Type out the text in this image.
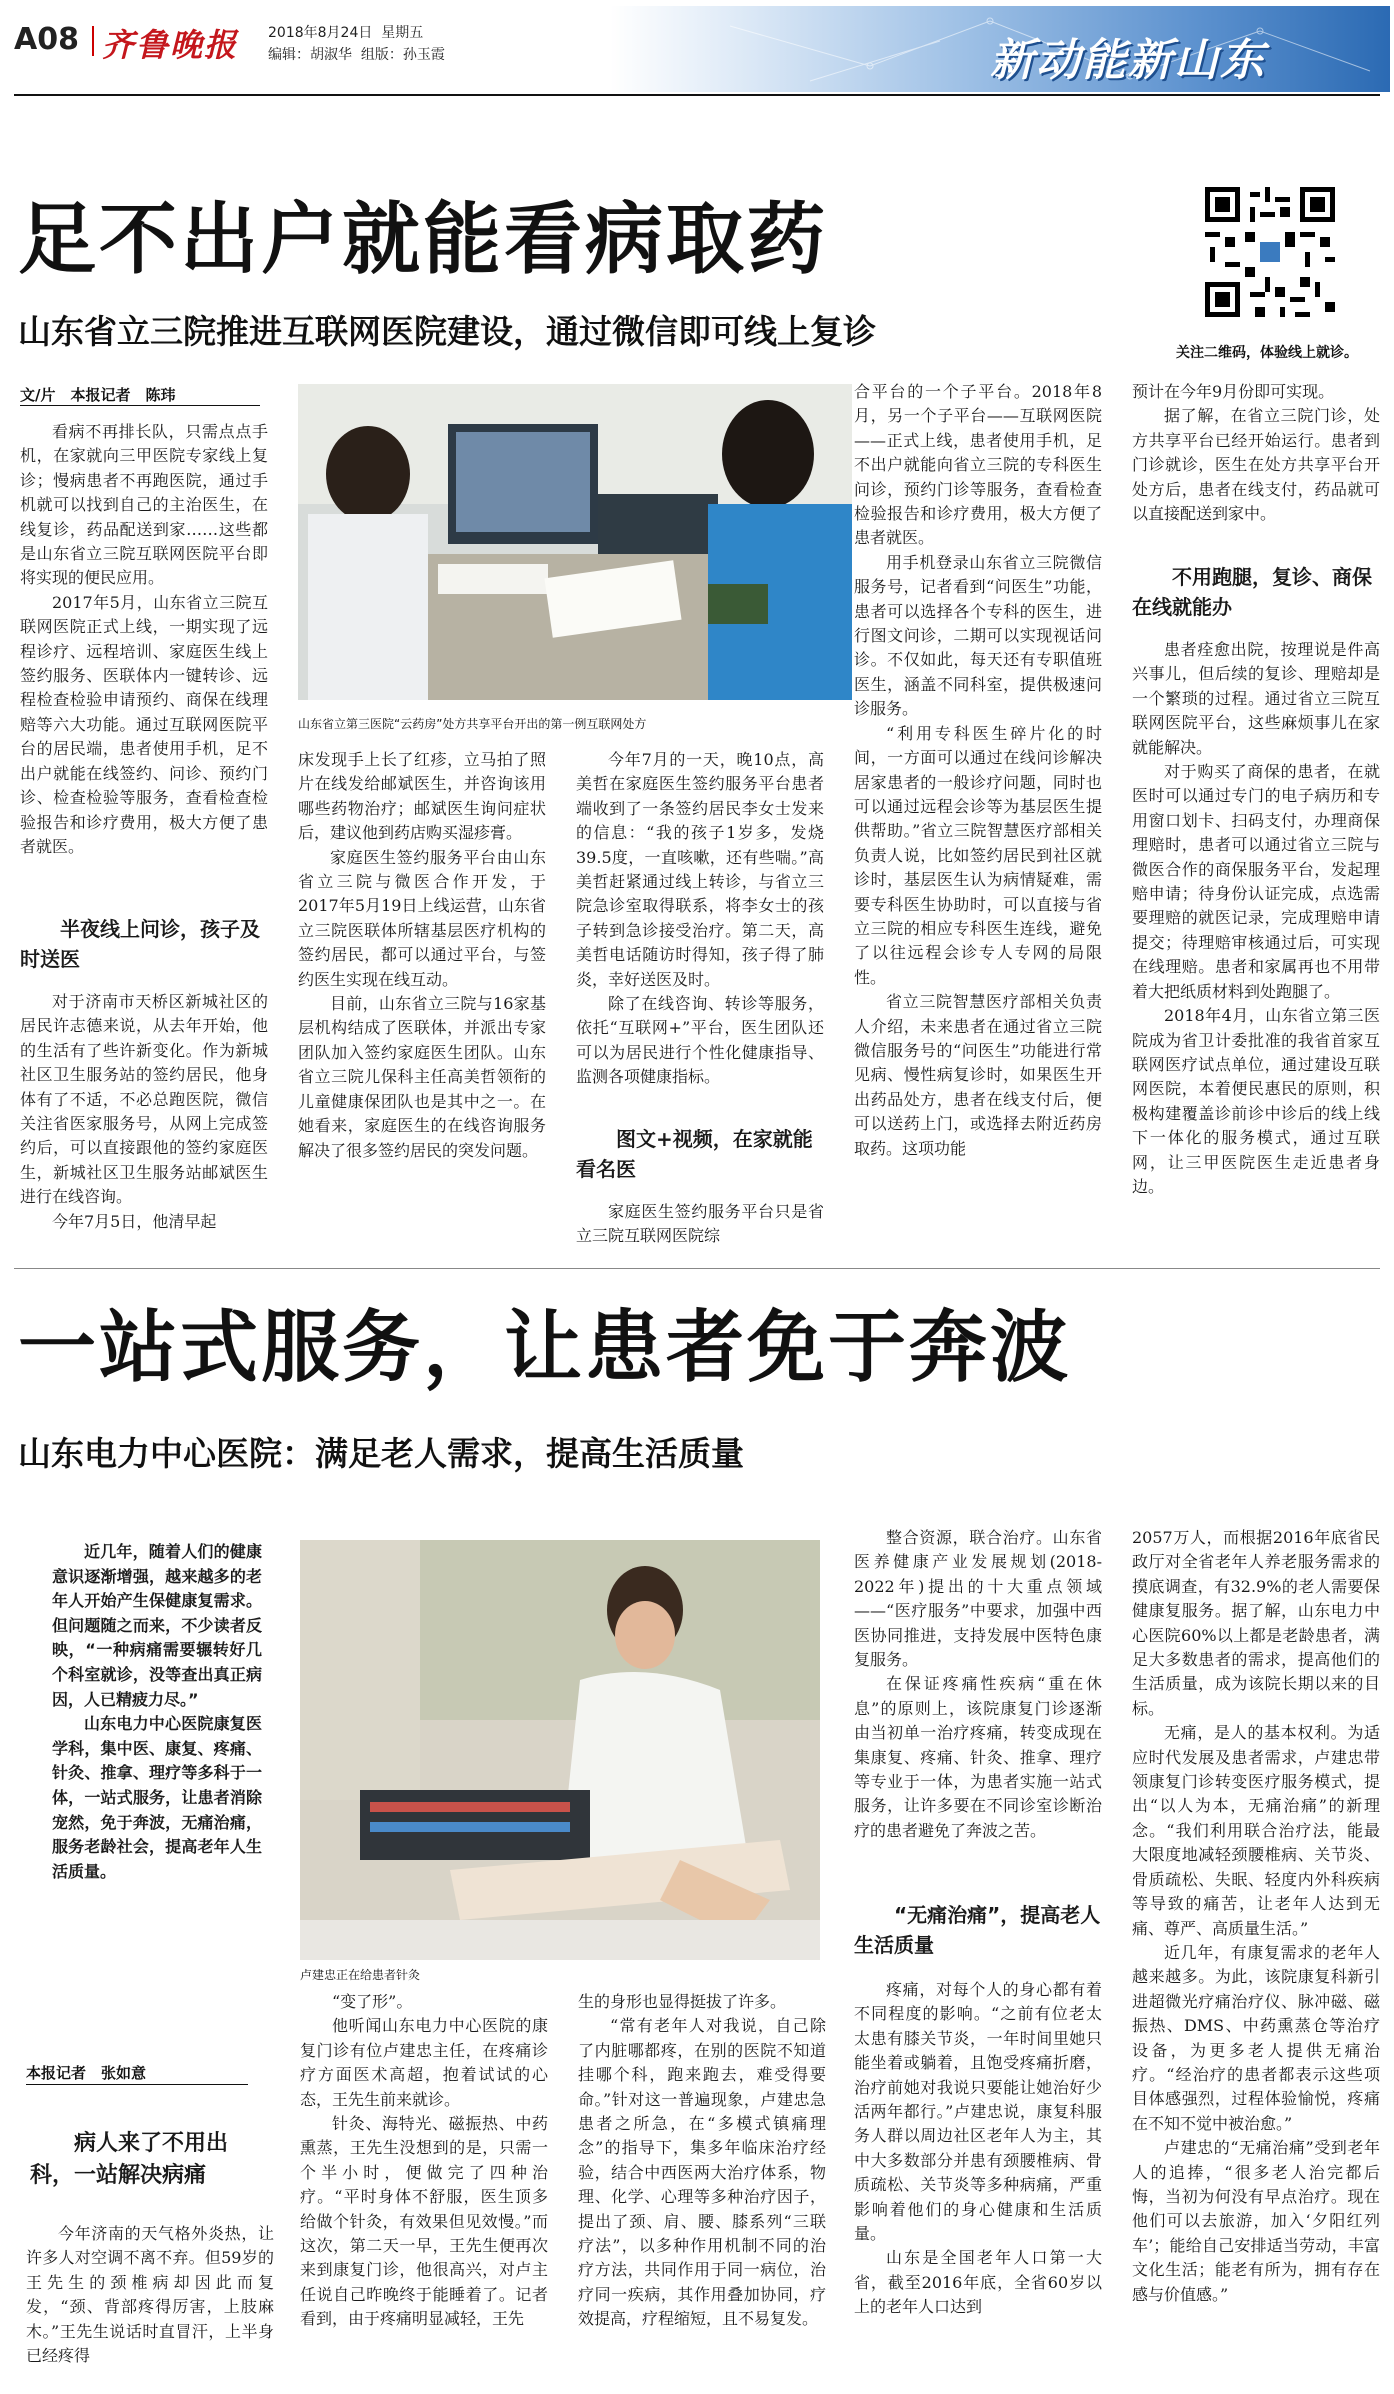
A08 齐鲁晚报 2018年8月24日 星期五
编辑：胡淑华 组版：孙玉霞	新动能新山东
足不出户就能看病取药
山东省立三院推进互联网医院建设，通过微信即可线上复诊
关注二维码，体验线上就诊。
文/片　本报记者　陈玮
山东省立第三医院“云药房”处方共享平台开出的第一例互联网处方

看病不再排长队，只需点点手机，在家就向三甲医院专家线上复诊；慢病患者不再跑医院，通过手机就可以找到自己的主治医生，在线复诊，药品配送到家……这些都是山东省立三院互联网医院平台即将实现的便民应用。

2017年5月，山东省立三院互联网医院正式上线，一期实现了远程诊疗、远程培训、家庭医生线上签约服务、医联体内一键转诊、远程检查检验申请预约、商保在线理赔等六大功能。通过互联网医院平台的居民端，患者使用手机，足不出户就能在线签约、问诊、预约门诊、检查检验等服务，查看检查检验报告和诊疗费用，极大方便了患者就医。

半夜线上问诊，孩子及时送医

对于济南市天桥区新城社区的居民许志德来说，从去年开始，他的生活有了些许新变化。作为新城社区卫生服务站的签约居民，他身体有了不适，不必总跑医院，微信关注省医家服务号，从网上完成签约后，可以直接跟他的签约家庭医生，新城社区卫生服务站邮斌医生进行在线咨询。

今年7月5日，他清早起

床发现手上长了红疹，立马拍了照片在线发给邮斌医生，并咨询该用哪些药物治疗；邮斌医生询问症状后，建议他到药店购买湿疹膏。

家庭医生签约服务平台由山东省立三院与微医合作开发，于2017年5月19日上线运营，山东省立三院医联体所辖基层医疗机构的签约居民，都可以通过平台，与签约医生实现在线互动。

目前，山东省立三院与16家基层机构结成了医联体，并派出专家团队加入签约家庭医生团队。山东省立三院儿保科主任高美哲领衔的儿童健康保团队也是其中之一。在她看来，家庭医生的在线咨询服务解决了很多签约居民的突发问题。

今年7月的一天，晚10点，高美哲在家庭医生签约服务平台患者端收到了一条签约居民李女士发来的信息：“我的孩子1岁多，发烧39.5度，一直咳嗽，还有些喘。”高美哲赶紧通过线上转诊，与省立三院急诊室取得联系，将李女士的孩子转到急诊接受治疗。第二天，高美哲电话随访时得知，孩子得了肺炎，幸好送医及时。

除了在线咨询、转诊等服务，依托“互联网+”平台，医生团队还可以为居民进行个性化健康指导、监测各项健康指标。

图文+视频，在家就能看名医

家庭医生签约服务平台只是省立三院互联网医院综

合平台的一个子平台。2018年8月，另一个子平台——互联网医院——正式上线，患者使用手机，足不出户就能向省立三院的专科医生问诊，预约门诊等服务，查看检查检验报告和诊疗费用，极大方便了患者就医。

用手机登录山东省立三院微信服务号，记者看到“问医生”功能，患者可以选择各个专科的医生，进行图文问诊，二期可以实现视话问诊。不仅如此，每天还有专职值班医生，涵盖不同科室，提供极速问诊服务。

“利用专科医生碎片化的时间，一方面可以通过在线问诊解决居家患者的一般诊疗问题，同时也可以通过远程会诊等为基层医生提供帮助。”省立三院智慧医疗部相关负责人说，比如签约居民到社区就诊时，基层医生认为病情疑难，需要专科医生协助时，可以直接与省立三院的相应专科医生连线，避免了以往远程会诊专人专网的局限性。

省立三院智慧医疗部相关负责人介绍，未来患者在通过省立三院微信服务号的“问医生”功能进行常见病、慢性病复诊时，如果医生开出药品处方，患者在线支付后，便可以送药上门，或选择去附近药房取药。这项功能

预计在今年9月份即可实现。

据了解，在省立三院门诊，处方共享平台已经开始运行。患者到门诊就诊，医生在处方共享平台开处方后，患者在线支付，药品就可以直接配送到家中。

不用跑腿，复诊、商保在线就能办

患者痊愈出院，按理说是件高兴事儿，但后续的复诊、理赔却是一个繁琐的过程。通过省立三院互联网医院平台，这些麻烦事儿在家就能解决。

对于购买了商保的患者，在就医时可以通过专门的电子病历和专用窗口划卡、扫码支付，办理商保理赔时，患者可以通过省立三院与微医合作的商保服务平台，发起理赔申请；待身份认证完成，点选需要理赔的就医记录，完成理赔申请提交；待理赔审核通过后，可实现在线理赔。患者和家属再也不用带着大把纸质材料到处跑腿了。

2018年4月，山东省立第三医院成为省卫计委批准的我省首家互联网医疗试点单位，通过建设互联网医院，本着便民惠民的原则，积极构建覆盖诊前诊中诊后的线上线下一体化的服务模式，通过互联网，让三甲医院医生走近患者身边。

一站式服务，让患者免于奔波
山东电力中心医院：满足老人需求，提高生活质量

近几年，随着人们的健康意识逐渐增强，越来越多的老年人开始产生保健康复需求。但问题随之而来，不少读者反映，“一种病痛需要辗转好几个科室就诊，没等查出真正病因，人已精疲力尽。”

山东电力中心医院康复医学科，集中医、康复、疼痛、针灸、推拿、理疗等多科于一体，一站式服务，让患者消除宠然，免于奔波，无痛治痛，服务老龄社会，提高老年人生活质量。

本报记者　张如意
病人来了不用出科，一站解决病痛

今年济南的天气格外炎热，让许多人对空调不离不弃。但59岁的王先生的颈椎病却因此而复发，“颈、背部疼得厉害，上肢麻木。”王先生说话时直冒汗，上半身已经疼得

卢建忠正在给患者针灸

“变了形”。

他听闻山东电力中心医院的康复门诊有位卢建忠主任，在疼痛诊疗方面医术高超，抱着试试的心态，王先生前来就诊。

针灸、海特光、磁振热、中药熏蒸，王先生没想到的是，只需一个半小时，便做完了四种治疗。“平时身体不舒服，医生顶多给做个针灸，有效果但见效慢。”而这次，第二天一早，王先生便再次来到康复门诊，他很高兴，对卢主任说自己昨晚终于能睡着了。记者看到，由于疼痛明显减轻，王先

生的身形也显得挺拔了许多。

“常有老年人对我说，自己除了内脏哪都疼，在别的医院不知道挂哪个科，跑来跑去，难受得要命。”针对这一普遍现象，卢建忠急患者之所急，在“多模式镇痛理念”的指导下，集多年临床治疗经验，结合中西医两大治疗体系，物理、化学、心理等多种治疗因子，提出了颈、肩、腰、膝系列“三联疗法”，以多种作用机制不同的治疗方法，共同作用于同一病位，治疗同一疾病，其作用叠加协同，疗效提高，疗程缩短，且不易复发。

整合资源，联合治疗。山东省医养健康产业发展规划(2018-2022年)提出的十大重点领域——“医疗服务”中要求，加强中西医协同推进，支持发展中医特色康复服务。

在保证疼痛性疾病“重在休息”的原则上，该院康复门诊逐渐由当初单一治疗疼痛，转变成现在集康复、疼痛、针灸、推拿、理疗等专业于一体，为患者实施一站式服务，让许多要在不同诊室诊断治疗的患者避免了奔波之苦。

“无痛治痛”，提高老人生活质量

疼痛，对每个人的身心都有着不同程度的影响。“之前有位老太太患有膝关节炎，一年时间里她只能坐着或躺着，且饱受疼痛折磨，治疗前她对我说只要能让她治好少活两年都行。”卢建忠说，康复科服务人群以周边社区老年人为主，其中大多数部分并患有颈腰椎病、骨质疏松、关节炎等多种病痛，严重影响着他们的身心健康和生活质量。

山东是全国老年人口第一大省，截至2016年底，全省60岁以上的老年人口达到

2057万人，而根据2016年底省民政厅对全省老年人养老服务需求的摸底调查，有32.9%的老人需要保健康复服务。据了解，山东电力中心医院60%以上都是老龄患者，满足大多数患者的需求，提高他们的生活质量，成为该院长期以来的目标。

无痛，是人的基本权利。为适应时代发展及患者需求，卢建忠带领康复门诊转变医疗服务模式，提出“以人为本，无痛治痛”的新理念。“我们利用联合治疗法，能最大限度地减轻颈腰椎病、关节炎、骨质疏松、失眠、轻度内外科疾病等导致的痛苦，让老年人达到无痛、尊严、高质量生活。”

近几年，有康复需求的老年人越来越多。为此，该院康复科新引进超微光疗痛治疗仪、脉冲磁、磁振热、DMS、中药熏蒸仓等治疗设备，为更多老人提供无痛治疗。“经治疗的患者都表示这些项目体感强烈，过程体验愉悦，疼痛在不知不觉中被治愈。”

卢建忠的“无痛治痛”受到老年人的追捧，“很多老人治完都后悔，当初为何没有早点治疗。现在他们可以去旅游，加入‘夕阳红列车’；能给自己安排适当劳动，丰富文化生活；能老有所为，拥有存在感与价值感。”
